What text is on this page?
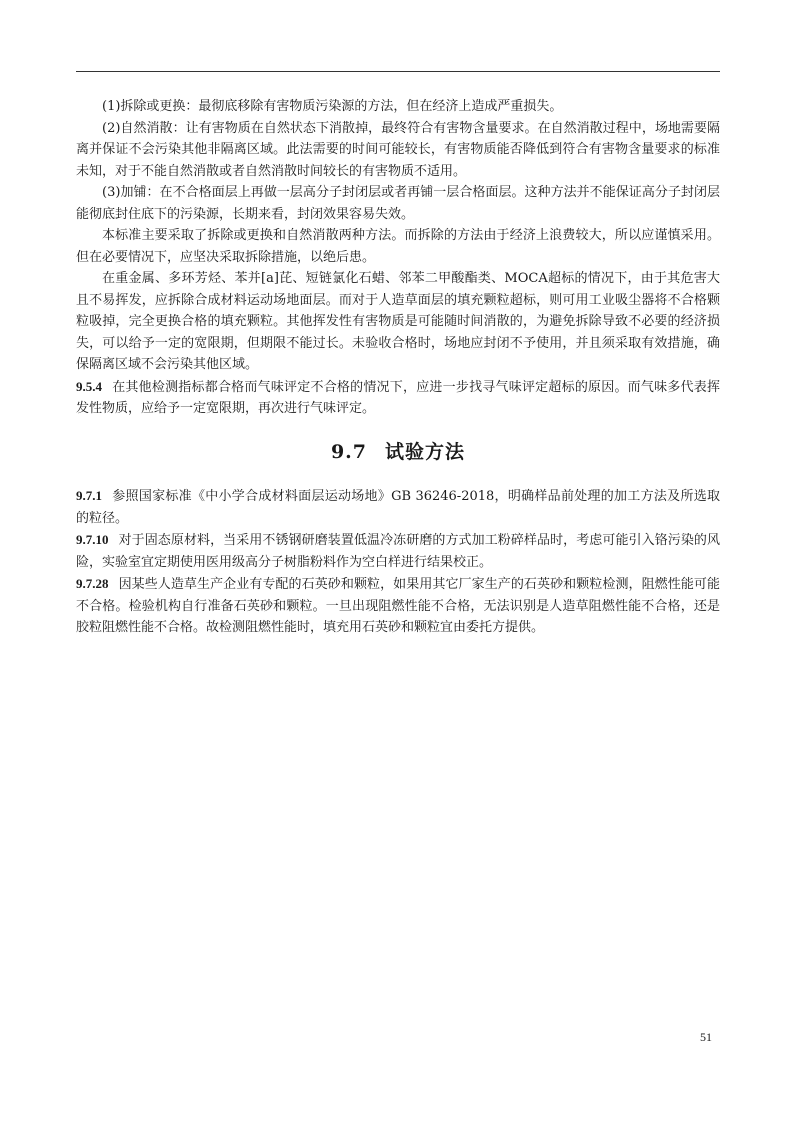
(1)拆除或更换：最彻底移除有害物质污染源的方法，但在经济上造成严重损失。

(2)自然消散：让有害物质在自然状态下消散掉，最终符合有害物含量要求。在自然消散过程中，场地需要隔离并保证不会污染其他非隔离区域。此法需要的时间可能较长，有害物质能否降低到符合有害物含量要求的标准未知，对于不能自然消散或者自然消散时间较长的有害物质不适用。

(3)加铺：在不合格面层上再做一层高分子封闭层或者再铺一层合格面层。这种方法并不能保证高分子封闭层能彻底封住底下的污染源，长期来看，封闭效果容易失效。

本标准主要采取了拆除或更换和自然消散两种方法。而拆除的方法由于经济上浪费较大，所以应谨慎采用。但在必要情况下，应坚决采取拆除措施，以绝后患。

在重金属、多环芳烃、苯并[a]芘、短链氯化石蜡、邻苯二甲酸酯类、MOCA超标的情况下，由于其危害大且不易挥发，应拆除合成材料运动场地面层。而对于人造草面层的填充颗粒超标，则可用工业吸尘器将不合格颗粒吸掉，完全更换合格的填充颗粒。其他挥发性有害物质是可能随时间消散的，为避免拆除导致不必要的经济损失，可以给予一定的宽限期，但期限不能过长。未验收合格时，场地应封闭不予使用，并且须采取有效措施，确保隔离区域不会污染其他区域。

9.5.4 在其他检测指标都合格而气味评定不合格的情况下，应进一步找寻气味评定超标的原因。而气味多代表挥发性物质，应给予一定宽限期，再次进行气味评定。

9.7 试验方法

9.7.1 参照国家标准《中小学合成材料面层运动场地》GB 36246-2018，明确样品前处理的加工方法及所选取的粒径。

9.7.10 对于固态原材料，当采用不锈钢研磨装置低温冷冻研磨的方式加工粉碎样品时，考虑可能引入铬污染的风险，实验室宜定期使用医用级高分子树脂粉料作为空白样进行结果校正。

9.7.28 因某些人造草生产企业有专配的石英砂和颗粒，如果用其它厂家生产的石英砂和颗粒检测，阻燃性能可能不合格。检验机构自行准备石英砂和颗粒。一旦出现阻燃性能不合格，无法识别是人造草阻燃性能不合格，还是胶粒阻燃性能不合格。故检测阻燃性能时，填充用石英砂和颗粒宜由委托方提供。

51
